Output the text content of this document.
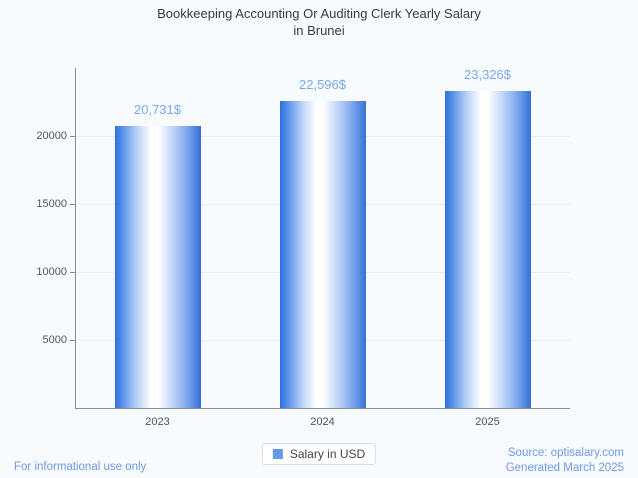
Bookkeeping Accounting Or Auditing Clerk Yearly Salary
in Brunei
5000
10000
15000
20000
20,731$
22,596$
23,326$
2023	2024	2025
Salary in USD
For informational use only
Source: optisalary.com
Generated March 2025
